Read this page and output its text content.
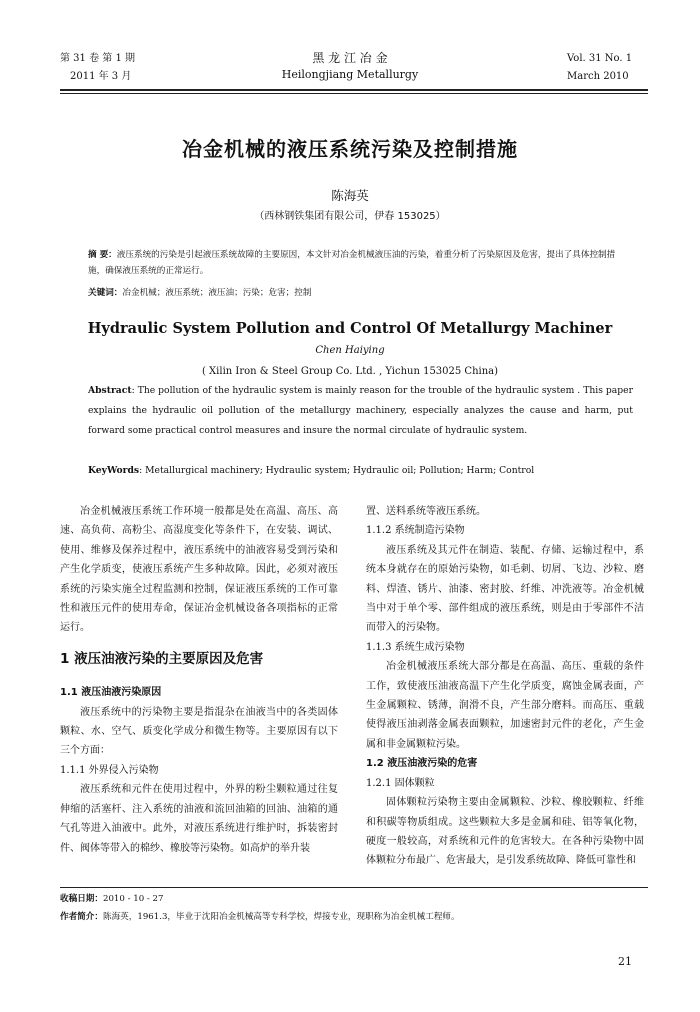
第 31 卷 第 1 期
2011 年 3 月
黑 龙 江 冶 金
Heilongjiang Metallurgy
Vol. 31 No. 1
March 2010
冶金机械的液压系统污染及控制措施
陈海英
（西林钢铁集团有限公司，伊春 153025）
摘 要：液压系统的污染是引起液压系统故障的主要原因，本文针对冶金机械液压油的污染，着重分析了污染原因及危害，提出了具体控制措施，确保液压系统的正常运行。
关键词：冶金机械；液压系统；液压油；污染；危害；控制
Hydraulic System Pollution and Control Of Metallurgy Machiner
Chen Haiying
( Xilin Iron & Steel Group Co. Ltd. , Yichun 153025 China)
Abstract: The pollution of the hydraulic system is mainly reason for the trouble of the hydraulic system . This paper explains the hydraulic oil pollution of the metallurgy machinery, especially analyzes the cause and harm, put forward some practical control measures and insure the normal circulate of hydraulic system.
KeyWords: Metallurgical machinery; Hydraulic system; Hydraulic oil; Pollution; Harm; Control

冶金机械液压系统工作环境一般都是处在高温、高压、高速、高负荷、高粉尘、高湿度变化等条件下，在安装、调试、使用、维修及保养过程中，液压系统中的油液容易受到污染和产生化学质变，使液压系统产生多种故障。因此，必须对液压系统的污染实施全过程监测和控制，保证液压系统的工作可靠性和液压元件的使用寿命，保证冶金机械设备各项指标的正常运行。

1 液压油液污染的主要原因及危害

1.1 液压油液污染原因

液压系统中的污染物主要是指混杂在油液当中的各类固体颗粒、水、空气、质变化学成分和微生物等。主要原因有以下三个方面：

1.1.1 外界侵入污染物

液压系统和元件在使用过程中，外界的粉尘颗粒通过往复伸缩的活塞杆、注入系统的油液和流回油箱的回油、油箱的通气孔等进入油液中。此外，对液压系统进行维护时，拆装密封件、阀体等带入的棉纱、橡胶等污染物。如高炉的举升装

置、送料系统等液压系统。

1.1.2 系统制造污染物

液压系统及其元件在制造、装配、存储、运输过程中，系统本身就存在的原始污染物，如毛刺、切屑、飞边、沙粒、磨料、焊渣、锈片、油漆、密封胶、纤维、冲洗液等。冶金机械当中对于单个零、部件组成的液压系统，则是由于零部件不洁而带入的污染物。

1.1.3 系统生成污染物

冶金机械液压系统大部分都是在高温、高压、重载的条件工作，致使液压油液高温下产生化学质变，腐蚀金属表面，产生金属颗粒、锈薄，润滑不良，产生部分磨料。而高压、重载使得液压油剥落金属表面颗粒，加速密封元件的老化，产生金属和非金属颗粒污染。

1.2 液压油液污染的危害

1.2.1 固体颗粒

固体颗粒污染物主要由金属颗粒、沙粒、橡胶颗粒、纤维和积碳等物质组成。这些颗粒大多是金属和硅、铝等氧化物，硬度一般较高，对系统和元件的危害较大。在各种污染物中固体颗粒分布最广、危害最大，是引发系统故障、降低可靠性和

收稿日期：2010 - 10 - 27
作者简介：陈海英，1961.3，毕业于沈阳冶金机械高等专科学校，焊接专业，现职称为冶金机械工程师。
21
